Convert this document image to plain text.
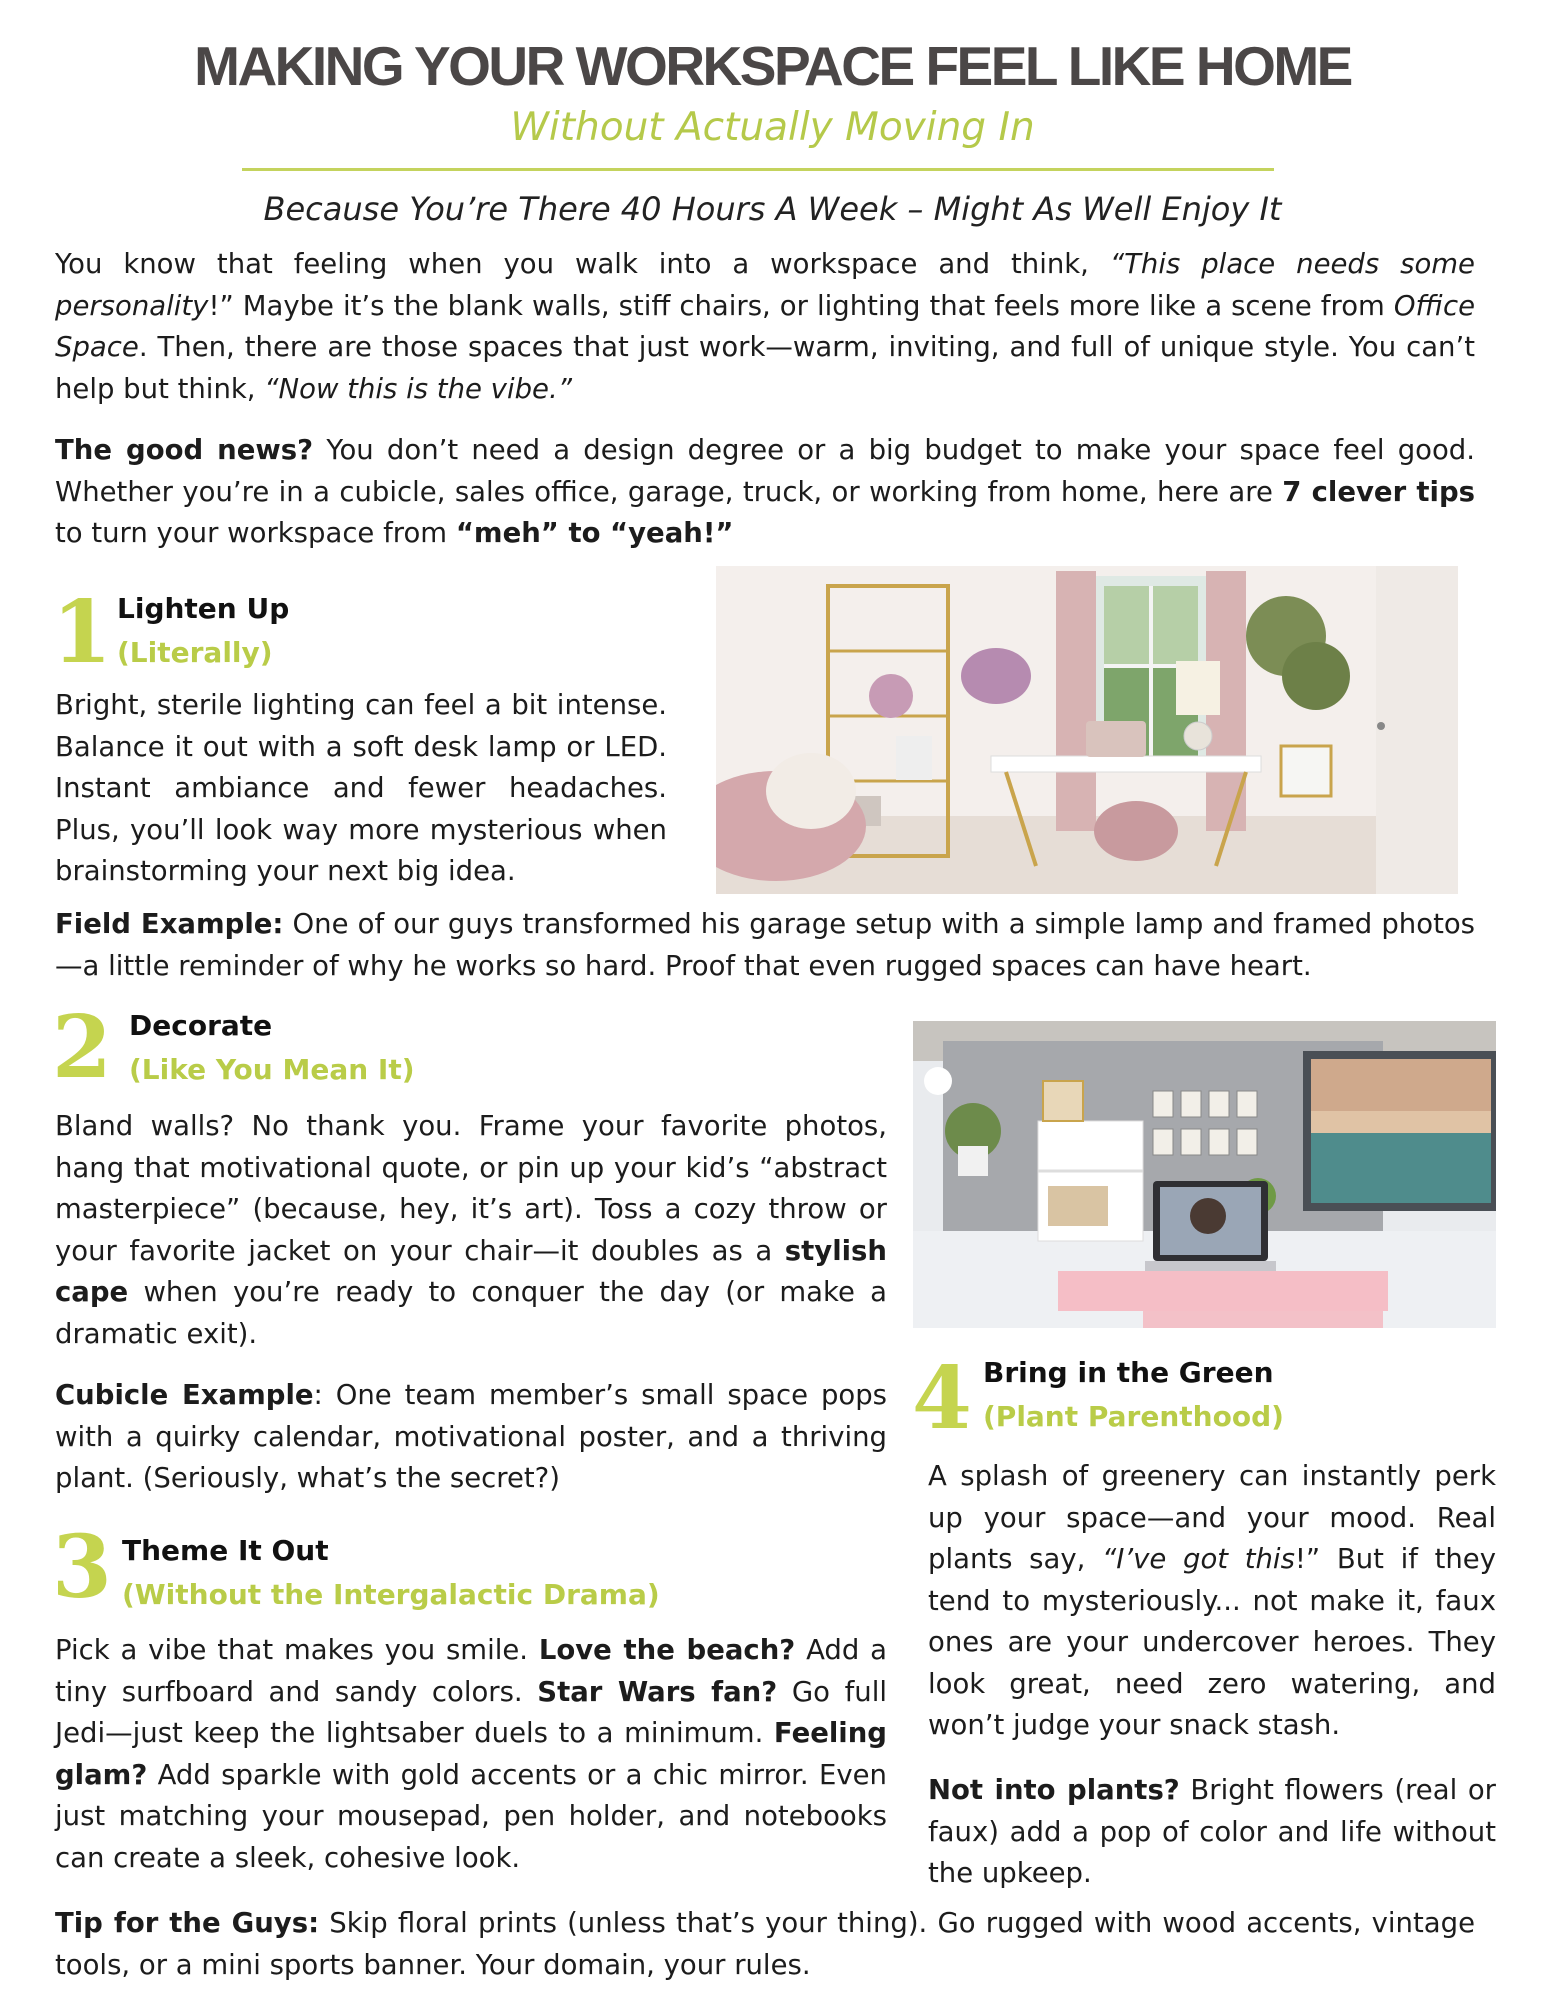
MAKING YOUR WORKSPACE FEEL LIKE HOME
Without Actually Moving In
Because You’re There 40 Hours A Week – Might As Well Enjoy It

You know that feeling when you walk into a workspace and think, “This place needs some personality!” Maybe it’s the blank walls, stiff chairs, or lighting that feels more like a scene from Office Space. Then, there are those spaces that just work—warm, inviting, and full of unique style. You can’t help but think, “Now this is the vibe.”

The good news? You don’t need a design degree or a big budget to make your space feel good. Whether you’re in a cubicle, sales office, garage, truck, or working from home, here are 7 clever tips to turn your workspace from “meh” to “yeah!”

1 Lighten Up
(Literally)

Bright, sterile lighting can feel a bit intense. Balance it out with a soft desk lamp or LED. Instant ambiance and fewer headaches. Plus, you’ll look way more mysterious when brainstorming your next big idea.

Field Example: One of our guys transformed his garage setup with a simple lamp and framed photos —a little reminder of why he works so hard. Proof that even rugged spaces can have heart.

2 Decorate
(Like You Mean It)

Bland walls? No thank you. Frame your favorite photos, hang that motivational quote, or pin up your kid’s “abstract masterpiece” (because, hey, it’s art). Toss a cozy throw or your favorite jacket on your chair—it doubles as a stylish cape when you’re ready to conquer the day (or make a dramatic exit).

Cubicle Example: One team member’s small space pops with a quirky calendar, motivational poster, and a thriving plant. (Seriously, what’s the secret?)

3 Theme It Out
(Without the Intergalactic Drama)

Pick a vibe that makes you smile. Love the beach? Add a tiny surfboard and sandy colors. Star Wars fan? Go full Jedi—just keep the lightsaber duels to a minimum. Feeling glam? Add sparkle with gold accents or a chic mirror. Even just matching your mousepad, pen holder, and notebooks can create a sleek, cohesive look.

4 Bring in the Green
(Plant Parenthood)

A splash of greenery can instantly perk up your space—and your mood. Real plants say, “I’ve got this!” But if they tend to mysteriously... not make it, faux ones are your undercover heroes. They look great, need zero watering, and won’t judge your snack stash.

Not into plants? Bright flowers (real or faux) add a pop of color and life without the upkeep.

Tip for the Guys: Skip floral prints (unless that’s your thing). Go rugged with wood accents, vintage tools, or a mini sports banner. Your domain, your rules.
